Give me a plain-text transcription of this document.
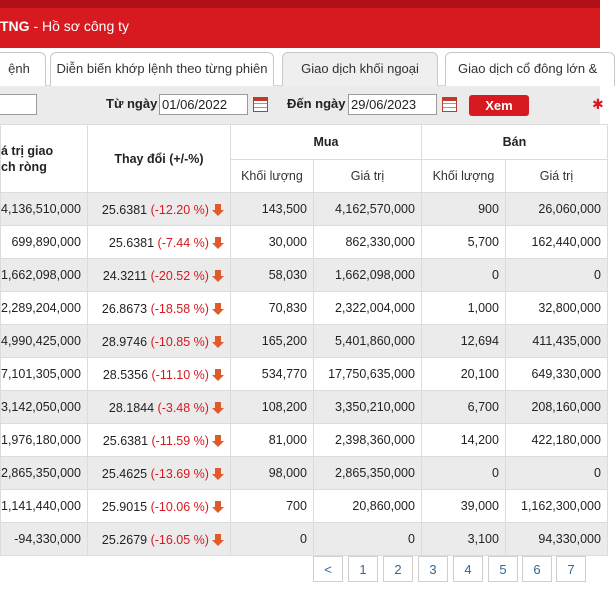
TNG - Hồ sơ công ty
ệnh	Diễn biến khớp lệnh theo từng phiên	Giao dịch khối ngoại	Giao dịch cổ đông lớn &
Từ ngày 01/06/2022	Đến ngày 29/06/2023	Xem	✱
á trị giao
ch ròng	Thay đổi (+/-%)	Mua		Bán	
		Khối lượng	Giá trị	Khối lượng	Giá trị
4,136,510,000	25.6381 (-12.20 %)	143,500	4,162,570,000	900	26,060,000
699,890,000	25.6381 (-7.44 %)	30,000	862,330,000	5,700	162,440,000
1,662,098,000	24.3211 (-20.52 %)	58,030	1,662,098,000	0	0
2,289,204,000	26.8673 (-18.58 %)	70,830	2,322,004,000	1,000	32,800,000
4,990,425,000	28.9746 (-10.85 %)	165,200	5,401,860,000	12,694	411,435,000
7,101,305,000	28.5356 (-11.10 %)	534,770	17,750,635,000	20,100	649,330,000
3,142,050,000	28.1844 (-3.48 %)	108,200	3,350,210,000	6,700	208,160,000
1,976,180,000	25.6381 (-11.59 %)	81,000	2,398,360,000	14,200	422,180,000
2,865,350,000	25.4625 (-13.69 %)	98,000	2,865,350,000	0	0
1,141,440,000	25.9015 (-10.06 %)	700	20,860,000	39,000	1,162,300,000
-94,330,000	25.2679 (-16.05 %)	0	0	3,100	94,330,000
<	1	2	3	4	5	6	7
